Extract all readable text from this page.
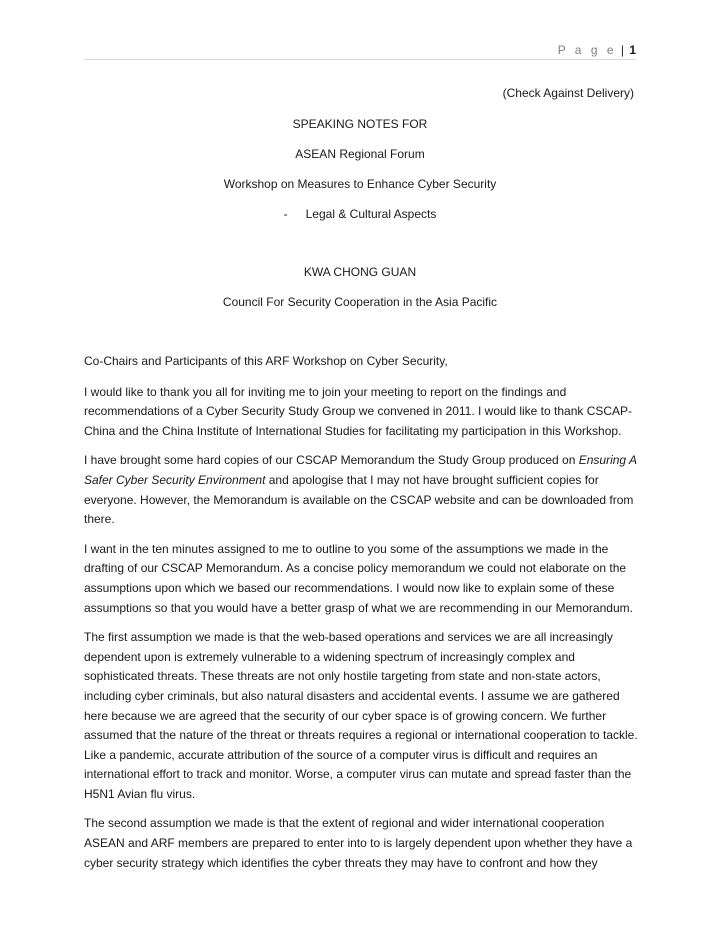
P a g e | 1
(Check Against Delivery)
SPEAKING NOTES FOR
ASEAN Regional Forum
Workshop on Measures to Enhance Cyber Security
- Legal & Cultural Aspects
KWA CHONG GUAN
Council For Security Cooperation in the Asia Pacific

Co-Chairs and Participants of this ARF Workshop on Cyber Security,

I would like to thank you all for inviting me to join your meeting to report on the findings and recommendations of a Cyber Security Study Group we convened in 2011. I would like to thank CSCAP-China and the China Institute of International Studies for facilitating my participation in this Workshop.

I have brought some hard copies of our CSCAP Memorandum the Study Group produced on Ensuring A Safer Cyber Security Environment and apologise that I may not have brought sufficient copies for everyone. However, the Memorandum is available on the CSCAP website and can be downloaded from there.

I want in the ten minutes assigned to me to outline to you some of the assumptions we made in the drafting of our CSCAP Memorandum. As a concise policy memorandum we could not elaborate on the assumptions upon which we based our recommendations. I would now like to explain some of these assumptions so that you would have a better grasp of what we are recommending in our Memorandum.

The first assumption we made is that the web-based operations and services we are all increasingly dependent upon is extremely vulnerable to a widening spectrum of increasingly complex and sophisticated threats. These threats are not only hostile targeting from state and non-state actors, including cyber criminals, but also natural disasters and accidental events. I assume we are gathered here because we are agreed that the security of our cyber space is of growing concern. We further assumed that the nature of the threat or threats requires a regional or international cooperation to tackle. Like a pandemic, accurate attribution of the source of a computer virus is difficult and requires an international effort to track and monitor. Worse, a computer virus can mutate and spread faster than the H5N1 Avian flu virus.

The second assumption we made is that the extent of regional and wider international cooperation ASEAN and ARF members are prepared to enter into to is largely dependent upon whether they have a cyber security strategy which identifies the cyber threats they may have to confront and how they
